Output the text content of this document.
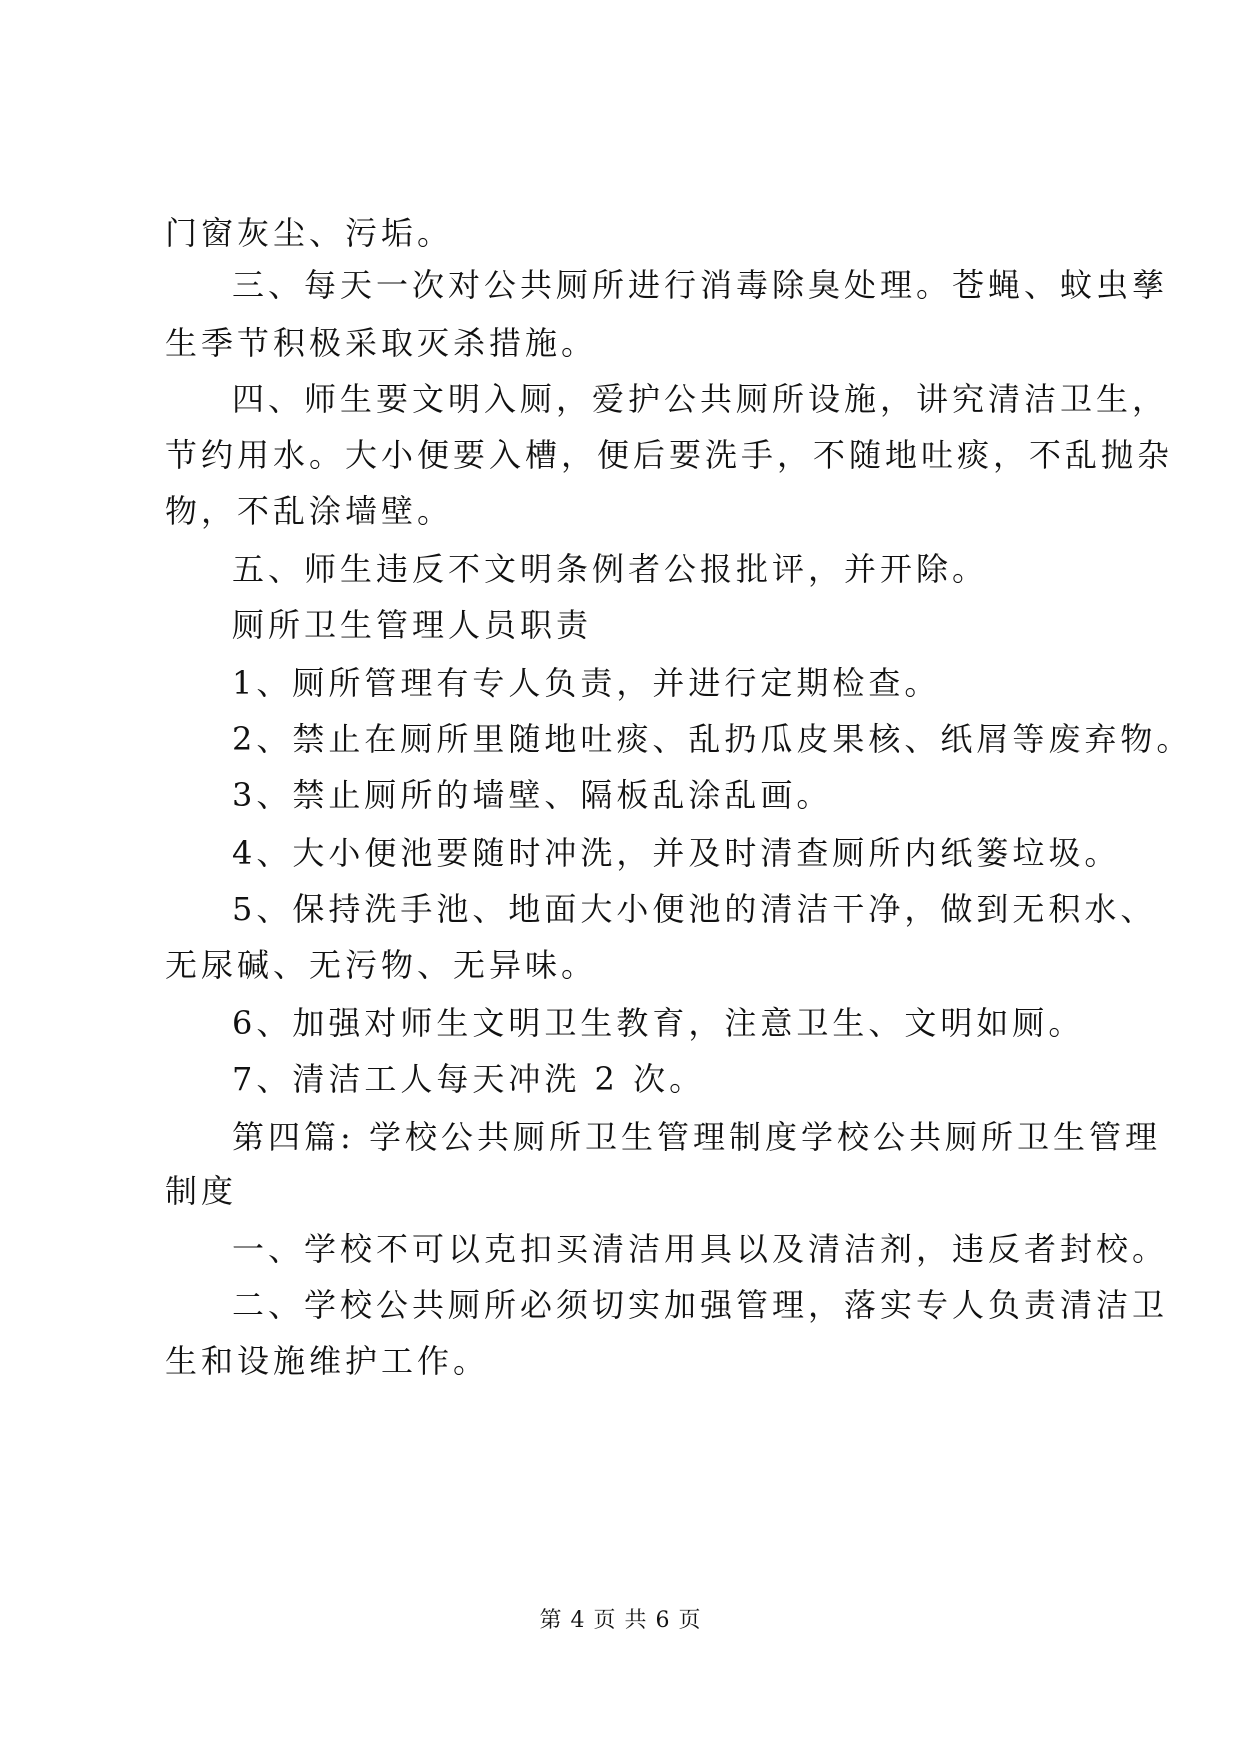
门窗灰尘、污垢。
三、每天一次对公共厕所进行消毒除臭处理。苍蝇、蚊虫孳
生季节积极采取灭杀措施。
四、师生要文明入厕，爱护公共厕所设施，讲究清洁卫生，
节约用水。大小便要入槽，便后要洗手，不随地吐痰，不乱抛杂
物，不乱涂墙壁。
五、师生违反不文明条例者公报批评，并开除。
厕所卫生管理人员职责
1、厕所管理有专人负责，并进行定期检查。
2、禁止在厕所里随地吐痰、乱扔瓜皮果核、纸屑等废弃物。
3、禁止厕所的墙壁、隔板乱涂乱画。
4、大小便池要随时冲洗，并及时清查厕所内纸篓垃圾。
5、保持洗手池、地面大小便池的清洁干净，做到无积水、
无尿碱、无污物、无异味。
6、加强对师生文明卫生教育，注意卫生、文明如厕。
7、清洁工人每天冲洗 2 次。
第四篇: 学校公共厕所卫生管理制度学校公共厕所卫生管理
制度
一、学校不可以克扣买清洁用具以及清洁剂，违反者封校。
二、学校公共厕所必须切实加强管理，落实专人负责清洁卫
生和设施维护工作。
第 4 页 共 6 页
